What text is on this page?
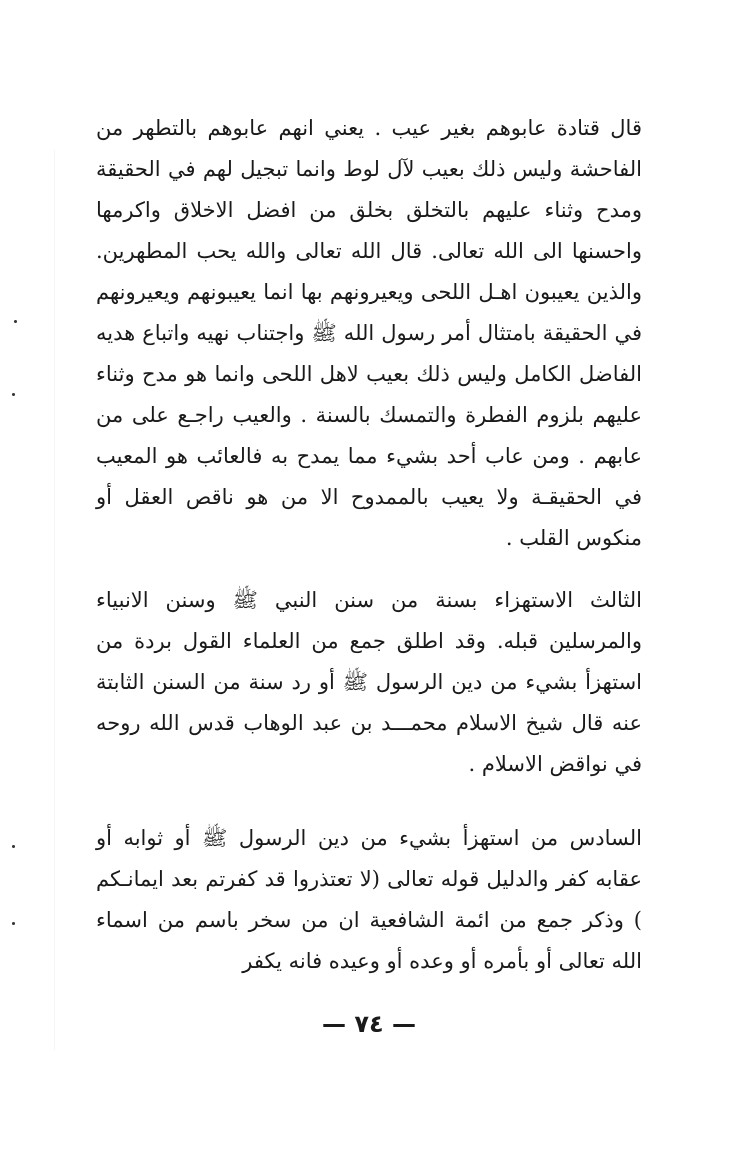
قال قتادة عابوهم بغير عيب . يعني انهم عابوهم بالتطهر من الفاحشة وليس ذلك بعيب لآل لوط وانما تبجيل لهم في الحقيقة ومدح وثناء عليهم بالتخلق بخلق من افضل الاخلاق واكرمها واحسنها الى الله تعالى. قال الله تعالى والله يحب المطهرين. والذين يعيبون اهـل اللحى ويعيرونهم بها انما يعيبونهم ويعيرونهم في الحقيقة بامتثال أمر رسول الله ﷺ واجتناب نهيه واتباع هديه الفاضل الكامل وليس ذلك بعيب لاهل اللحى وانما هو مدح وثناء عليهم بلزوم الفطرة والتمسك بالسنة . والعيب راجـع على من عابهم . ومن عاب أحد بشيء مما يمدح به فالعائب هو المعيب في الحقيقـة ولا يعيب بالممدوح الا من هو ناقص العقل أو منكوس القلب .

الثالث الاستهزاء بسنة من سنن النبي ﷺ وسنن الانبياء والمرسلين قبله. وقد اطلق جمع من العلماء القول بردة من استهزأ بشيء من دين الرسول ﷺ أو رد سنة من السنن الثابتة عنه قال شيخ الاسلام محمـــد بن عبد الوهاب قدس الله روحه في نواقض الاسلام .

السادس من استهزأ بشيء من دين الرسول ﷺ أو ثوابه أو عقابه كفر والدليل قوله تعالى (لا تعتذروا قد كفرتم بعد ايمانـكم ) وذكر جمع من ائمة الشافعية ان من سخر باسم من اسماء الله تعالى أو بأمره أو وعده أو وعيده فانه يكفر

— ٧٤ —
